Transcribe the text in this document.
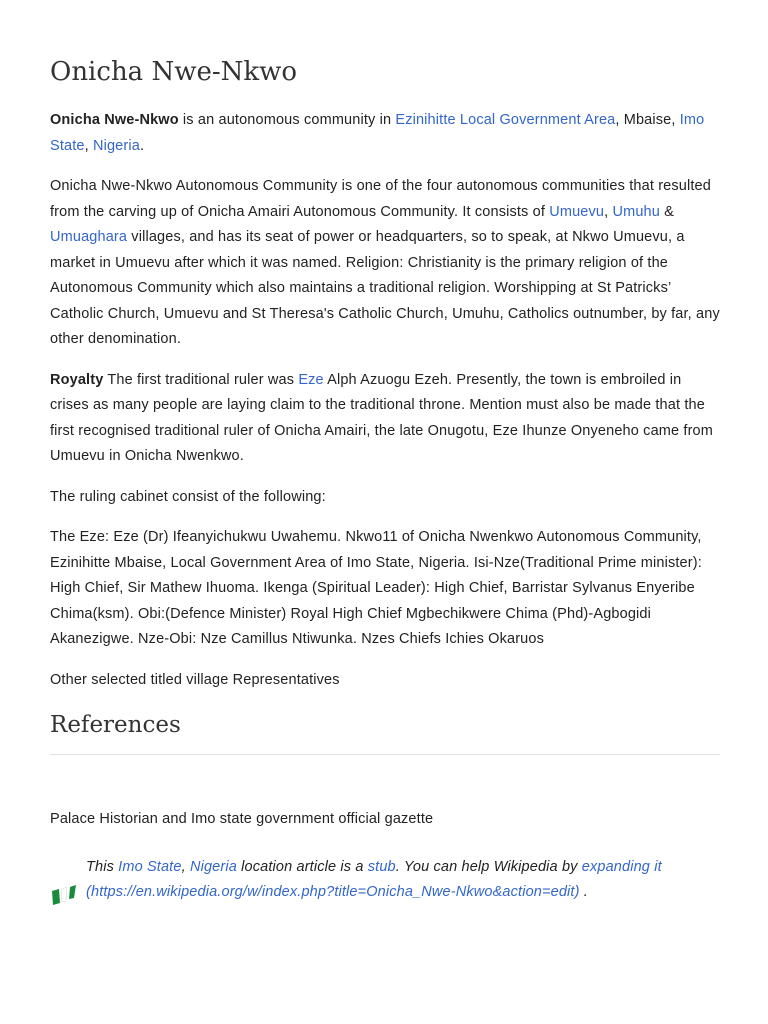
Onicha Nwe-Nkwo

Onicha Nwe-Nkwo is an autonomous community in Ezinihitte Local Government Area, Mbaise, Imo State, Nigeria.

Onicha Nwe-Nkwo Autonomous Community is one of the four autonomous communities that resulted from the carving up of Onicha Amairi Autonomous Community. It consists of Umuevu, Umuhu & Umuaghara villages, and has its seat of power or headquarters, so to speak, at Nkwo Umuevu, a market in Umuevu after which it was named. Religion: Christianity is the primary religion of the Autonomous Community which also maintains a traditional religion. Worshipping at St Patricks’ Catholic Church, Umuevu and St Theresa's Catholic Church, Umuhu, Catholics outnumber, by far, any other denomination.

Royalty The first traditional ruler was Eze Alph Azuogu Ezeh. Presently, the town is embroiled in crises as many people are laying claim to the traditional throne. Mention must also be made that the first recognised traditional ruler of Onicha Amairi, the late Onugotu, Eze Ihunze Onyeneho came from Umuevu in Onicha Nwenkwo.

The ruling cabinet consist of the following:

The Eze: Eze (Dr) Ifeanyichukwu Uwahemu. Nkwo11 of Onicha Nwenkwo Autonomous Community, Ezinihitte Mbaise, Local Government Area of Imo State, Nigeria. Isi-Nze(Traditional Prime minister): High Chief, Sir Mathew Ihuoma. Ikenga (Spiritual Leader): High Chief, Barristar Sylvanus Enyeribe Chima(ksm). Obi:(Defence Minister) Royal High Chief Mgbechikwere Chima (Phd)-Agbogidi Akanezigwe. Nze-Obi: Nze Camillus Ntiwunka. Nzes Chiefs Ichies Okaruos

Other selected titled village Representatives

References

Palace Historian and Imo state government official gazette

This Imo State, Nigeria location article is a stub. You can help Wikipedia by expanding it (https://en.wikipedia.org/w/index.php?title=Onicha_Nwe-Nkwo&action=edit) .
